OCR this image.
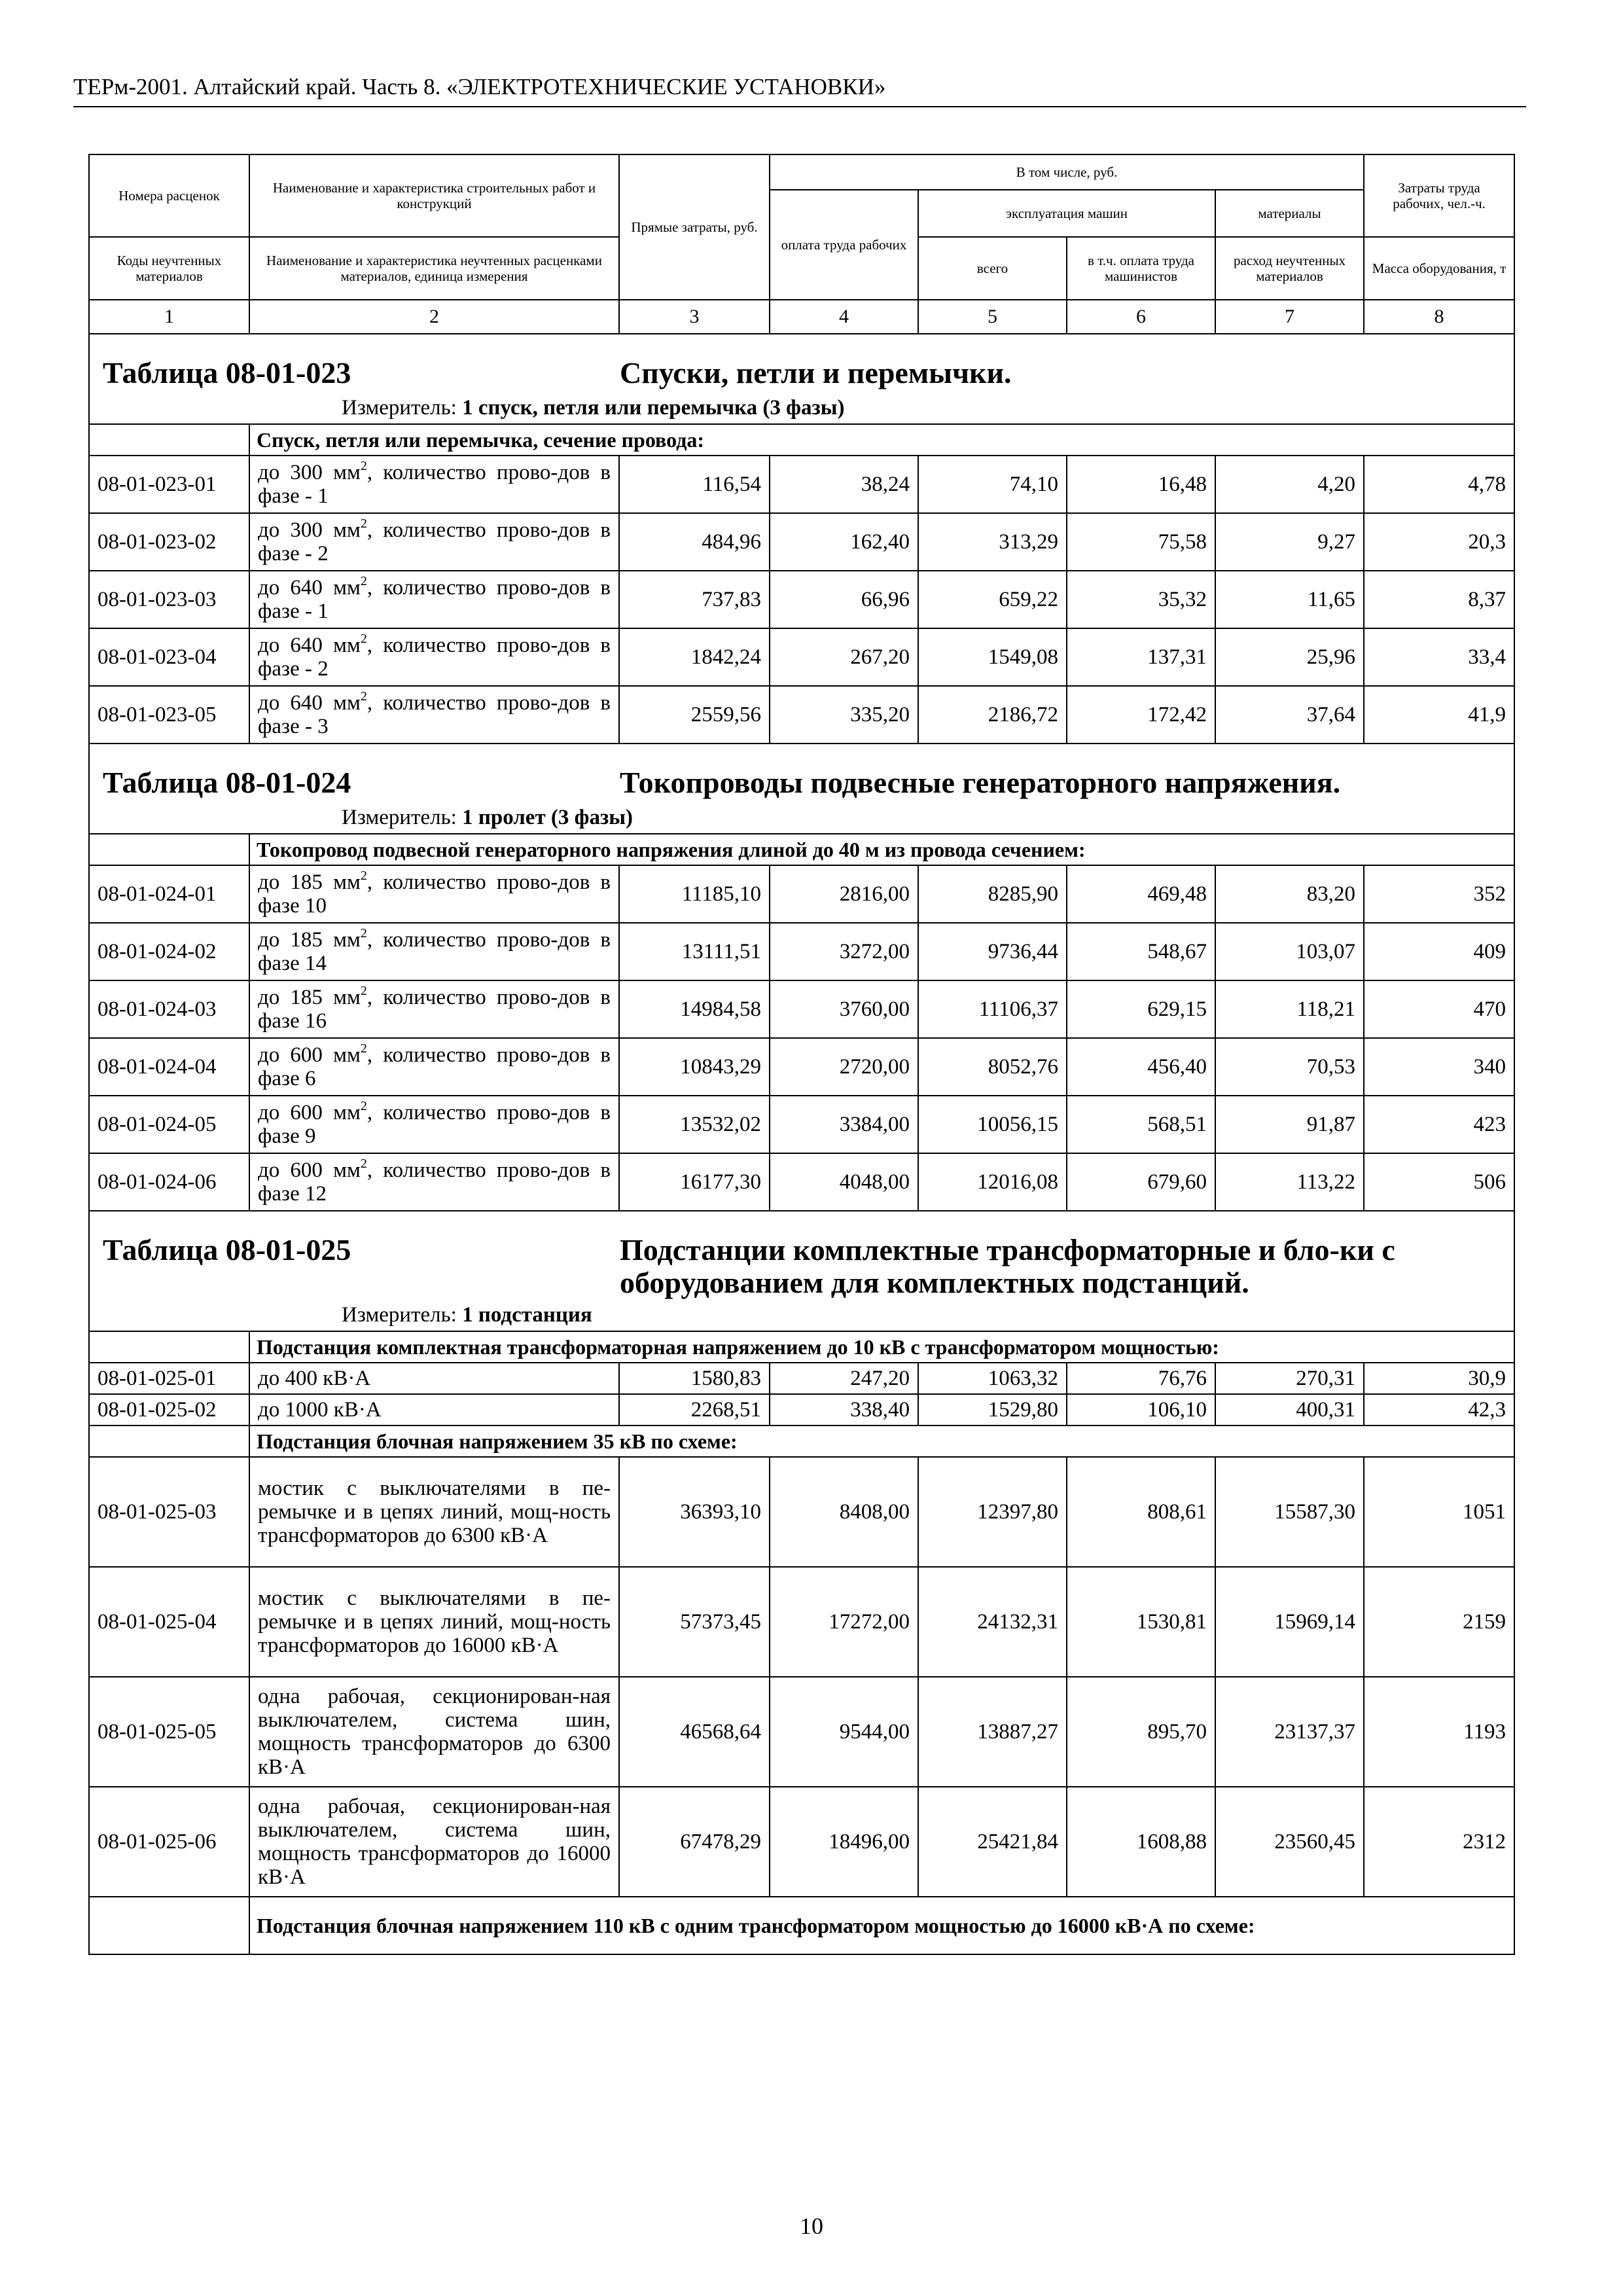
ТЕРм-2001. Алтайский край. Часть 8. «ЭЛЕКТРОТЕХНИЧЕСКИЕ УСТАНОВКИ»
Номера расценок	Наименование и характеристика строительных работ и конструкций	Прямые затраты, руб.	В том числе, руб.				Затраты труда рабочих, чел.-ч.
			оплата труда рабочих	эксплуатация машин		материалы	
Коды неучтенных материалов	Наименование и характеристика неучтенных расценками материалов, единица измерения			всего	в т.ч. оплата труда машинистов	расход неучтенных материалов	Масса оборудования, т
1	2	3	4	5	6	7	8
Таблица 08-01-023 Спуски, петли и перемычки.							
Измеритель: 1 спуск, петля или перемычка (3 фазы)							
	Спуск, петля или перемычка, сечение провода:						
08-01-023-01	до 300 $мм^2$, количество прово-дов в фазе - 1	116,54	38,24	74,10	16,48	4,20	4,78
08-01-023-02	до 300 $мм^2$, количество прово-дов в фазе - 2	484,96	162,40	313,29	75,58	9,27	20,3
08-01-023-03	до 640 $мм^2$, количество прово-дов в фазе - 1	737,83	66,96	659,22	35,32	11,65	8,37
08-01-023-04	до 640 $мм^2$, количество прово-дов в фазе - 2	1842,24	267,20	1549,08	137,31	25,96	33,4
08-01-023-05	до 640 $мм^2$, количество прово-дов в фазе - 3	2559,56	335,20	2186,72	172,42	37,64	41,9
Таблица 08-01-024 Токопроводы подвесные генераторного напряжения.							
Измеритель: 1 пролет (3 фазы)							
	Токопровод подвесной генераторного напряжения длиной до 40 м из провода сечением:						
08-01-024-01	до 185 $мм^2$, количество прово-дов в фазе 10	11185,10	2816,00	8285,90	469,48	83,20	352
08-01-024-02	до 185 $мм^2$, количество прово-дов в фазе 14	13111,51	3272,00	9736,44	548,67	103,07	409
08-01-024-03	до 185 $мм^2$, количество прово-дов в фазе 16	14984,58	3760,00	11106,37	629,15	118,21	470
08-01-024-04	до 600 $мм^2$, количество прово-дов в фазе 6	10843,29	2720,00	8052,76	456,40	70,53	340
08-01-024-05	до 600 $мм^2$, количество прово-дов в фазе 9	13532,02	3384,00	10056,15	568,51	91,87	423
08-01-024-06	до 600 $мм^2$, количество прово-дов в фазе 12	16177,30	4048,00	12016,08	679,60	113,22	506
Таблица 08-01-025 Подстанции комплектные трансформаторные и бло-ки с оборудованием для комплектных подстанций.							
Измеритель: 1 подстанция							
	Подстанция комплектная трансформаторная напряжением до 10 кВ с трансформатором мощностью:						
08-01-025-01	до 400 кВ·А	1580,83	247,20	1063,32	76,76	270,31	30,9
08-01-025-02	до 1000 кВ·А	2268,51	338,40	1529,80	106,10	400,31	42,3
	Подстанция блочная напряжением 35 кВ по схеме:						
08-01-025-03	мостик с выключателями в пе-ремычке и в цепях линий, мощ-ность трансформаторов до 6300 кВ·А	36393,10	8408,00	12397,80	808,61	15587,30	1051
08-01-025-04	мостик с выключателями в пе-ремычке и в цепях линий, мощ-ность трансформаторов до 16000 кВ·А	57373,45	17272,00	24132,31	1530,81	15969,14	2159
08-01-025-05	одна рабочая, секционирован-ная выключателем, система шин, мощность трансформаторов до 6300 кВ·А	46568,64	9544,00	13887,27	895,70	23137,37	1193
08-01-025-06	одна рабочая, секционирован-ная выключателем, система шин, мощность трансформаторов до 16000 кВ·А	67478,29	18496,00	25421,84	1608,88	23560,45	2312
	Подстанция блочная напряжением 110 кВ с одним трансформатором мощностью до 16000 кВ·А по схеме:						
10
